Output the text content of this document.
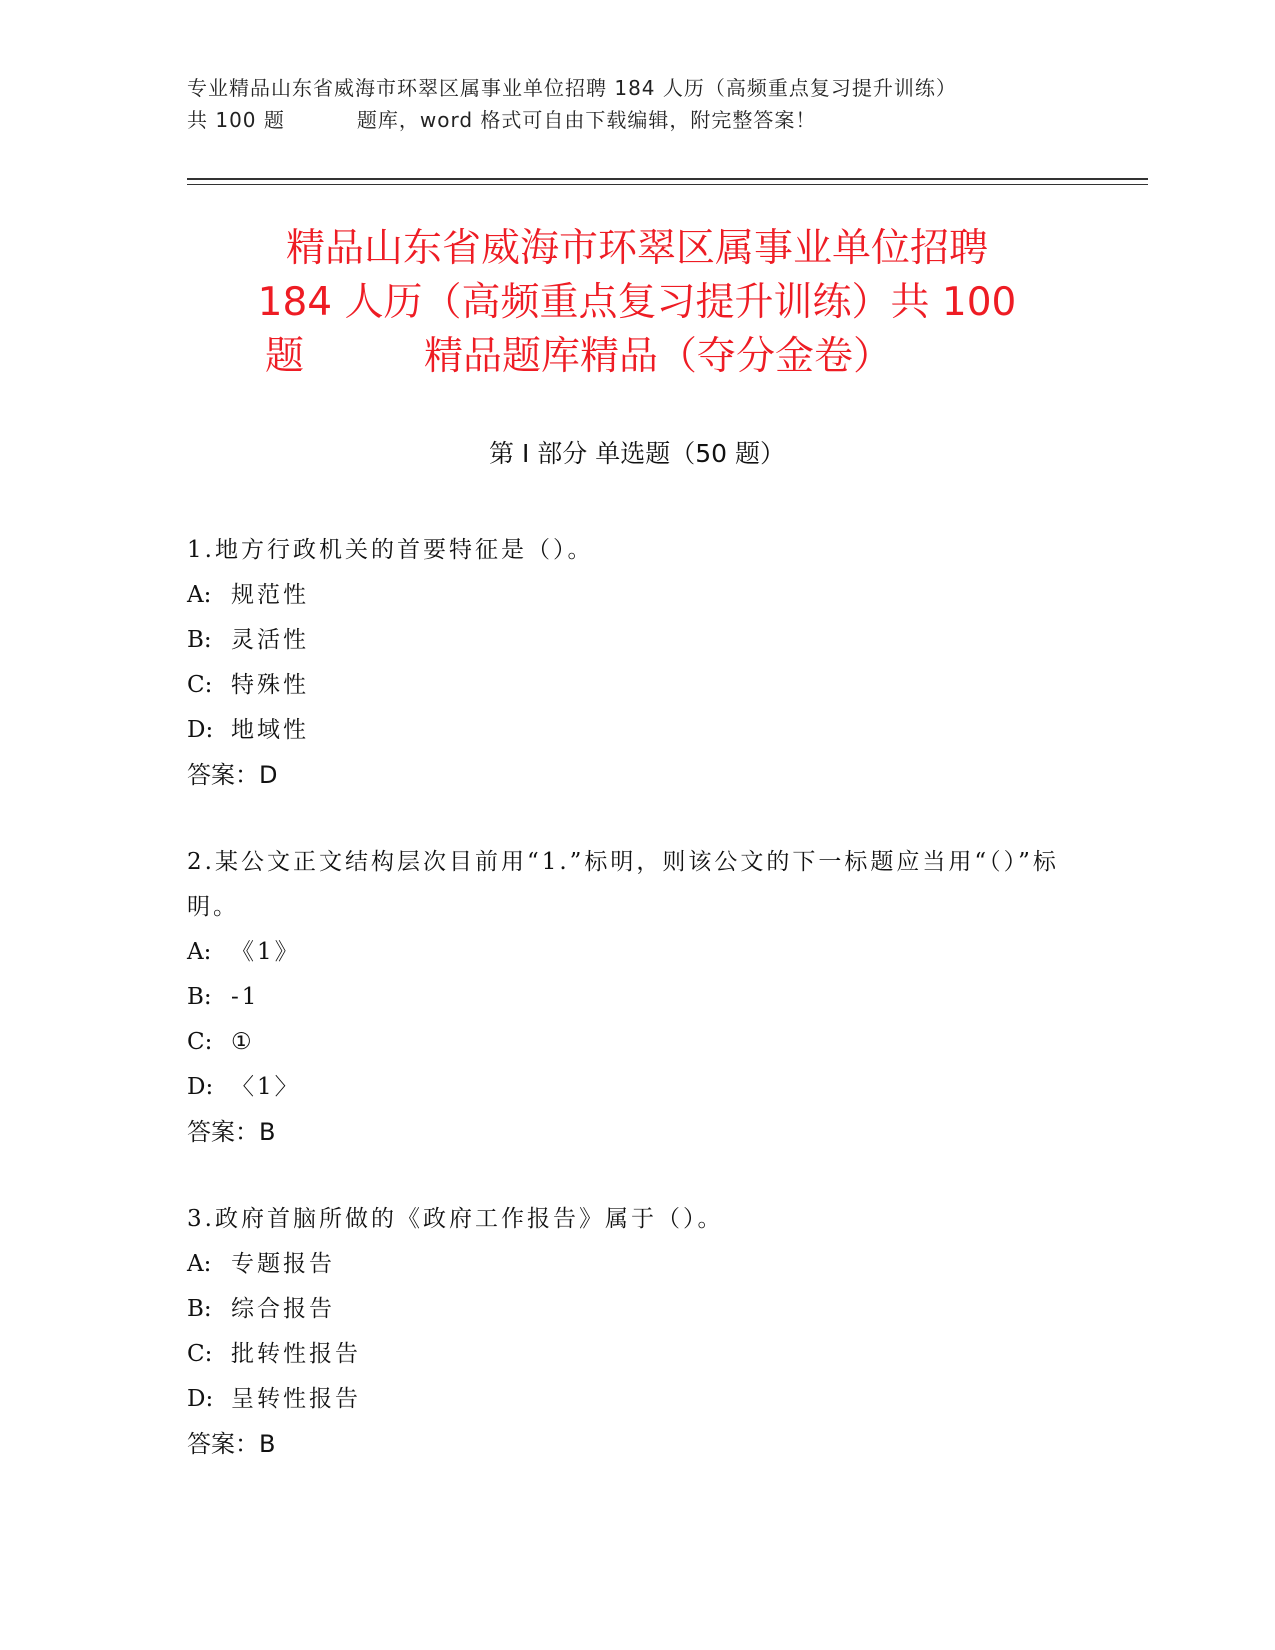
专业精品山东省威海市环翠区属事业单位招聘 184 人历（高频重点复习提升训练）
共 100 题	题库，word 格式可自由下载编辑，附完整答案！
精品山东省威海市环翠区属事业单位招聘
184 人历（高频重点复习提升训练）共 100
题	精品题库精品（夺分金卷）
第 I 部分 单选题（50 题）
1.地方行政机关的首要特征是（）。
A: 规范性
B: 灵活性
C: 特殊性
D: 地域性
答案：D
2.某公文正文结构层次目前用“1.”标明，则该公文的下一标题应当用“（）”标明。
A: 《1》
B: -1
C: ①
D: 〈1〉
答案：B
3.政府首脑所做的《政府工作报告》属于（）。
A: 专题报告
B: 综合报告
C: 批转性报告
D: 呈转性报告
答案：B
